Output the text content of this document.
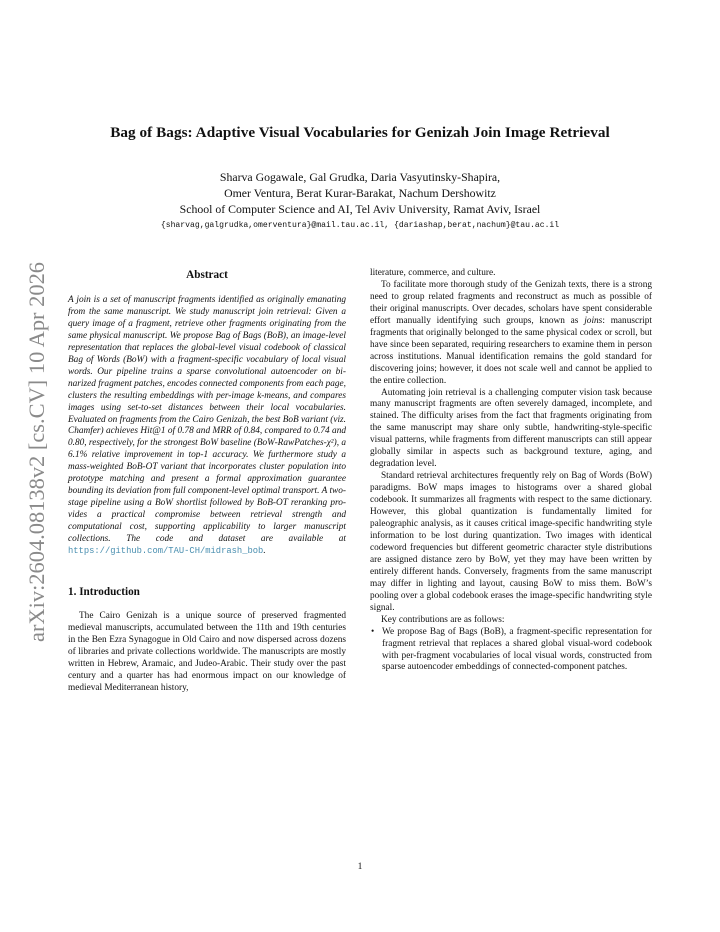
arXiv:2604.08138v2 [cs.CV] 10 Apr 2026
Bag of Bags: Adaptive Visual Vocabularies for Genizah Join Image Retrieval
Sharva Gogawale, Gal Grudka, Daria Vasyutinsky-Shapira,
Omer Ventura, Berat Kurar-Barakat, Nachum Dershowitz
School of Computer Science and AI, Tel Aviv University, Ramat Aviv, Israel
{sharvag,galgrudka,omerventura}@mail.tau.ac.il, {dariashap,berat,nachum}@tau.ac.il
Abstract

A join is a set of manuscript fragments identified as originally emanating from the same manuscript. We study manuscript join retrieval: Given a query image of a fragment, retrieve other fragments originating from the same physical manuscript. We propose Bag of Bags (BoB), an image-level representation that replaces the global-level visual codebook of classical Bag of Words (BoW) with a fragment-specific vocabulary of local visual words. Our pipeline trains a sparse convolutional autoencoder on binarized fragment patches, encodes connected components from each page, clusters the resulting embeddings with per-image k-means, and compares images using set-to-set distances between their local vocabularies. Evaluated on fragments from the Cairo Genizah, the best BoB variant (viz. Chamfer) achieves Hit@1 of 0.78 and MRR of 0.84, compared to 0.74 and 0.80, respectively, for the strongest BoW baseline (BoW-RawPatches-χ²), a 6.1% relative improvement in top-1 accuracy. We furthermore study a mass-weighted BoB-OT variant that incorporates cluster population into prototype matching and present a formal approximation guarantee bounding its deviation from full component-level optimal transport. A two-stage pipeline using a BoW shortlist followed by BoB-OT reranking provides a practical compromise between retrieval strength and computational cost, supporting applicability to larger manuscript collections. The code and dataset are available at https://github.com/TAU-CH/midrash_bob.

1. Introduction

The Cairo Genizah is a unique source of preserved fragmented medieval manuscripts, accumulated between the 11th and 19th centuries in the Ben Ezra Synagogue in Old Cairo and now dispersed across dozens of libraries and private collections worldwide. The manuscripts are mostly written in Hebrew, Aramaic, and Judeo-Arabic. Their study over the past century and a quarter has had enormous impact on our knowledge of medieval Mediterranean history,

literature, commerce, and culture.

To facilitate more thorough study of the Genizah texts, there is a strong need to group related fragments and reconstruct as much as possible of their original manuscripts. Over decades, scholars have spent considerable effort manually identifying such groups, known as joins: manuscript fragments that originally belonged to the same physical codex or scroll, but have since been separated, requiring researchers to examine them in person across institutions. Manual identification remains the gold standard for discovering joins; however, it does not scale well and cannot be applied to the entire collection.

Automating join retrieval is a challenging computer vision task because many manuscript fragments are often severely damaged, incomplete, and stained. The difficulty arises from the fact that fragments originating from the same manuscript may share only subtle, handwriting-style-specific visual patterns, while fragments from different manuscripts can still appear globally similar in aspects such as background texture, aging, and degradation level.

Standard retrieval architectures frequently rely on Bag of Words (BoW) paradigms. BoW maps images to histograms over a shared global codebook. It summarizes all fragments with respect to the same dictionary. However, this global quantization is fundamentally limited for paleographic analysis, as it causes critical image-specific handwriting style information to be lost during quantization. Two images with identical codeword frequencies but different geometric character style distributions are assigned distance zero by BoW, yet they may have been written by entirely different hands. Conversely, fragments from the same manuscript may differ in lighting and layout, causing BoW to miss them. BoW’s pooling over a global codebook erases the image-specific handwriting style signal.

Key contributions are as follows:

• We propose Bag of Bags (BoB), a fragment-specific representation for fragment retrieval that replaces a shared global visual-word codebook with per-fragment vocabularies of local visual words, constructed from sparse autoencoder embeddings of connected-component patches.
1
